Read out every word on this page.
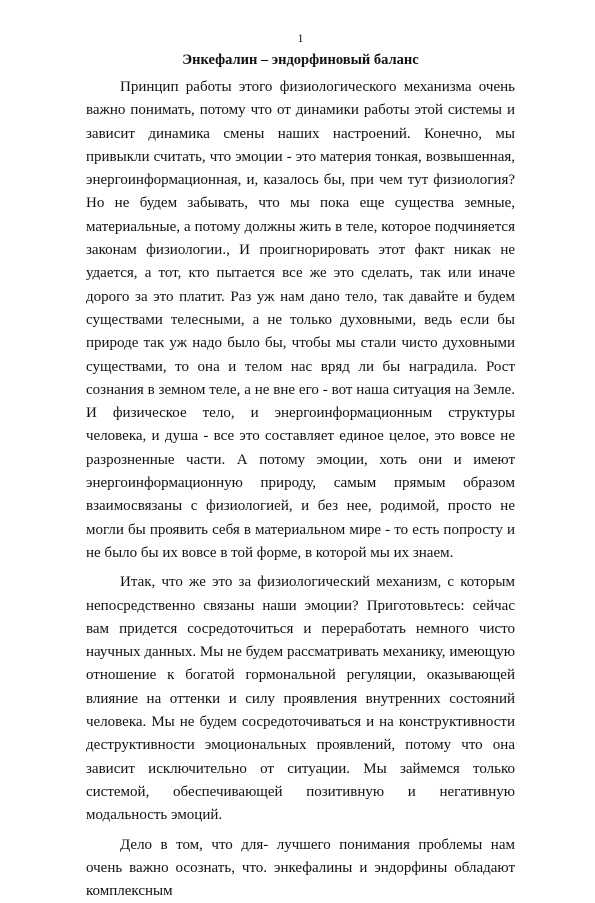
1
Энкефалин – эндорфиновый баланс

Принцип работы этого физиологического механизма очень важно понимать, потому что от динамики работы этой системы и зависит динамика смены наших настроений. Конечно, мы привыкли считать, что эмоции - это материя тонкая, возвышенная, энергоинформационная, и, казалось бы, при чем тут физиология? Но не будем забывать, что мы пока еще существа земные, материальные, а потому должны жить в теле, которое подчиняется законам физиологии., И проигнорировать этот факт никак не удается, а тот, кто пытается все же это сделать, так или иначе дорого за это платит. Раз уж нам дано тело, так давайте и будем существами телесными, а не только духовными, ведь если бы природе так уж надо было бы, чтобы мы стали чисто духовными существами, то она и телом нас вряд ли бы наградила. Рост сознания в земном теле, а не вне его - вот наша ситуация на Земле. И физическое тело, и энергоинформационным структуры человека, и душа - все это составляет единое целое, это вовсе не разрозненные части. А потому эмоции, хоть они и имеют энергоинформационную природу, самым прямым образом взаимосвязаны с физиологией, и без нее, родимой, просто не могли бы проявить себя в материальном мире - то есть попросту и не было бы их вовсе в той форме, в которой мы их знаем.

Итак, что же это за физиологический механизм, с которым непосредственно связаны наши эмоции? Приготовьтесь: сейчас вам придется сосредоточиться и переработать немного чисто научных данных. Мы не будем рассматривать механику, имеющую отношение к богатой гормональной регуляции, оказывающей влияние на оттенки и силу проявления внутренних состояний человека. Мы не будем сосредоточиваться и на конструктивности деструктивности эмоциональных проявлений, потому что она зависит исключительно от ситуации. Мы займемся только системой, обеспечивающей позитивную и негативную модальность эмоций.

Дело в том, что для- лучшего понимания проблемы нам очень важно осознать, что. энкефалины и эндорфины обладают комплексным
